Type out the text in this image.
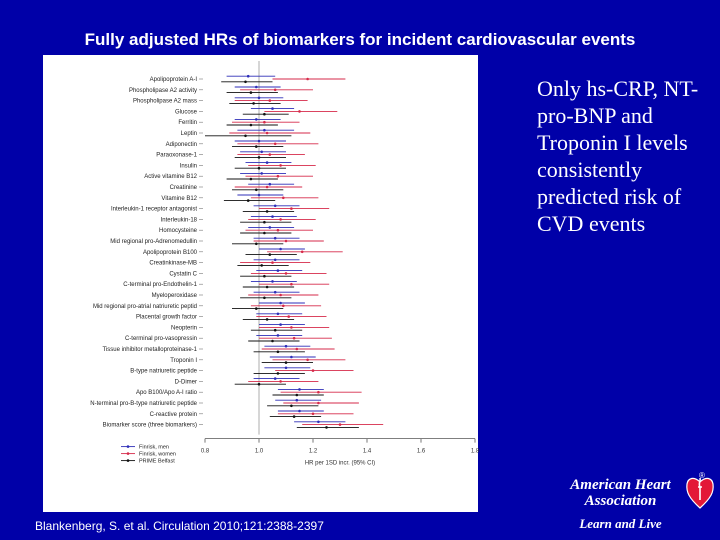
Fully adjusted HRs of biomarkers for incident cardiovascular events
0.8	1.0	1.2	1.4	1.6	1.8
HR per 1SD incr. (95% CI)
Apolipoprotein A-I
Phospholipase A2 activity
Phospholipase A2 mass
Glucose
Ferritin
Leptin
Adiponectin
Paraoxonase-1
Insulin
Active vitamine B12
Creatinine
Vitamine B12
Interleukin-1 receptor antagonist
Interleukin-18
Homocysteine
Mid regional pro-Adrenomedullin
Apolipoprotein B100
Creatinkinase-MB
Cystatin C
C-terminal pro-Endothelin-1
Myeloperoxidase
Mid regional pro-atrial natriuretic peptid
Placental growth factor
Neopterin
C-terminal pro-vasopressin
Tissue inhibitor metalloproteinase-1
Troponin I
B-type natriuretic peptide
D-Dimer
Apo B100/Apo A-I ratio
N-terminal pro-B-type natriuretic peptide
C-reactive protein
Biomarker score (three biomarkers)
Finrisk, men
Finrisk, women
PRIME Belfast
Only hs-CRP, NT-pro-BNP and Troponin I levels consistently predicted risk of CVD events
Blankenberg, S. et al. Circulation 2010;121:2388-2397
American Heart
Association
Learn and Live
®
